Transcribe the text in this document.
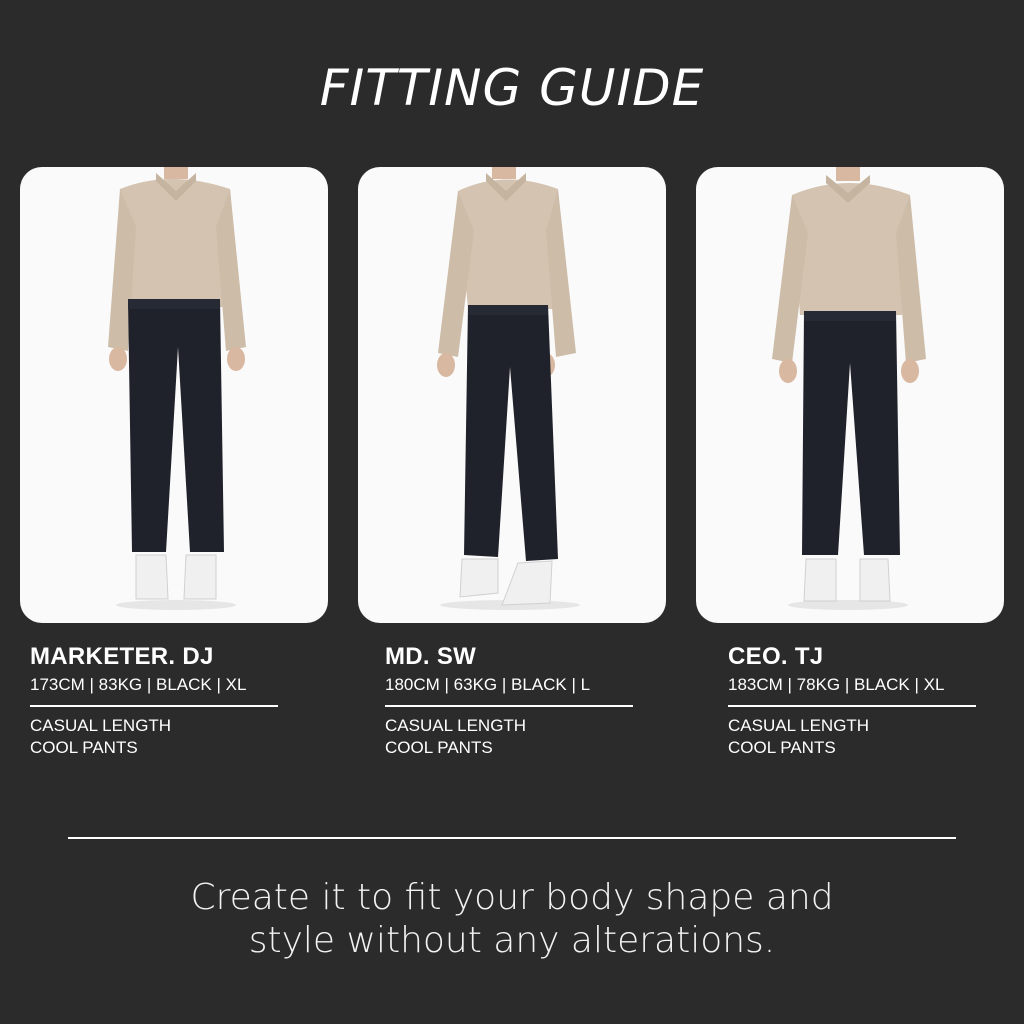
FITTING GUIDE
MARKETER. DJ
173CM | 83KG | BLACK | XL
CASUAL LENGTH
COOL PANTS
MD. SW
180CM | 63KG | BLACK | L
CASUAL LENGTH
COOL PANTS
CEO. TJ
183CM | 78KG | BLACK | XL
CASUAL LENGTH
COOL PANTS
Create it to fit your body shape and
style without any alterations.
